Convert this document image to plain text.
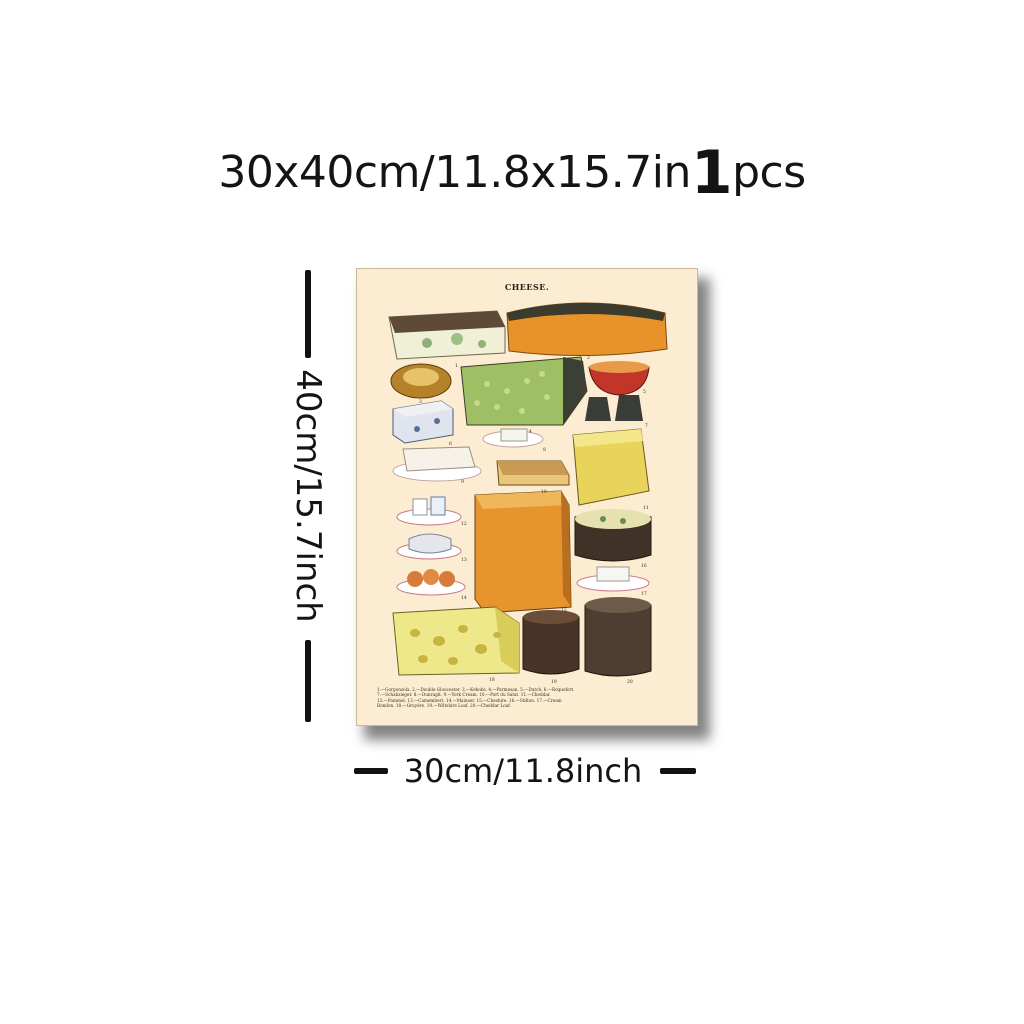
30x40cm/11.8x15.7in1pcs
40cm/15.7inch
CHEESE.
1
2
3
4
5
6
7
8
9
10
11
12
13
14
15
16
17
18	19	20
1.—Gorgonzola. 2.—Double Gloucester. 3.—Kebobs. 4.—Parmesan. 5.—Dutch. 6.—Roquefort.
7.—Schabzieger. 8.—Dunragit. 9.—York Cream. 10.—Port du Salut. 11.—Cheddar.
12.—Pommel. 13.—Camembert. 14.—Mainzer. 15.—Cheshire. 16.—Stilton. 17.—Cream
Bondon. 18.—Gruyère. 19.—Wiltshire Loaf. 20.—Cheddar Loaf.
30cm/11.8inch
